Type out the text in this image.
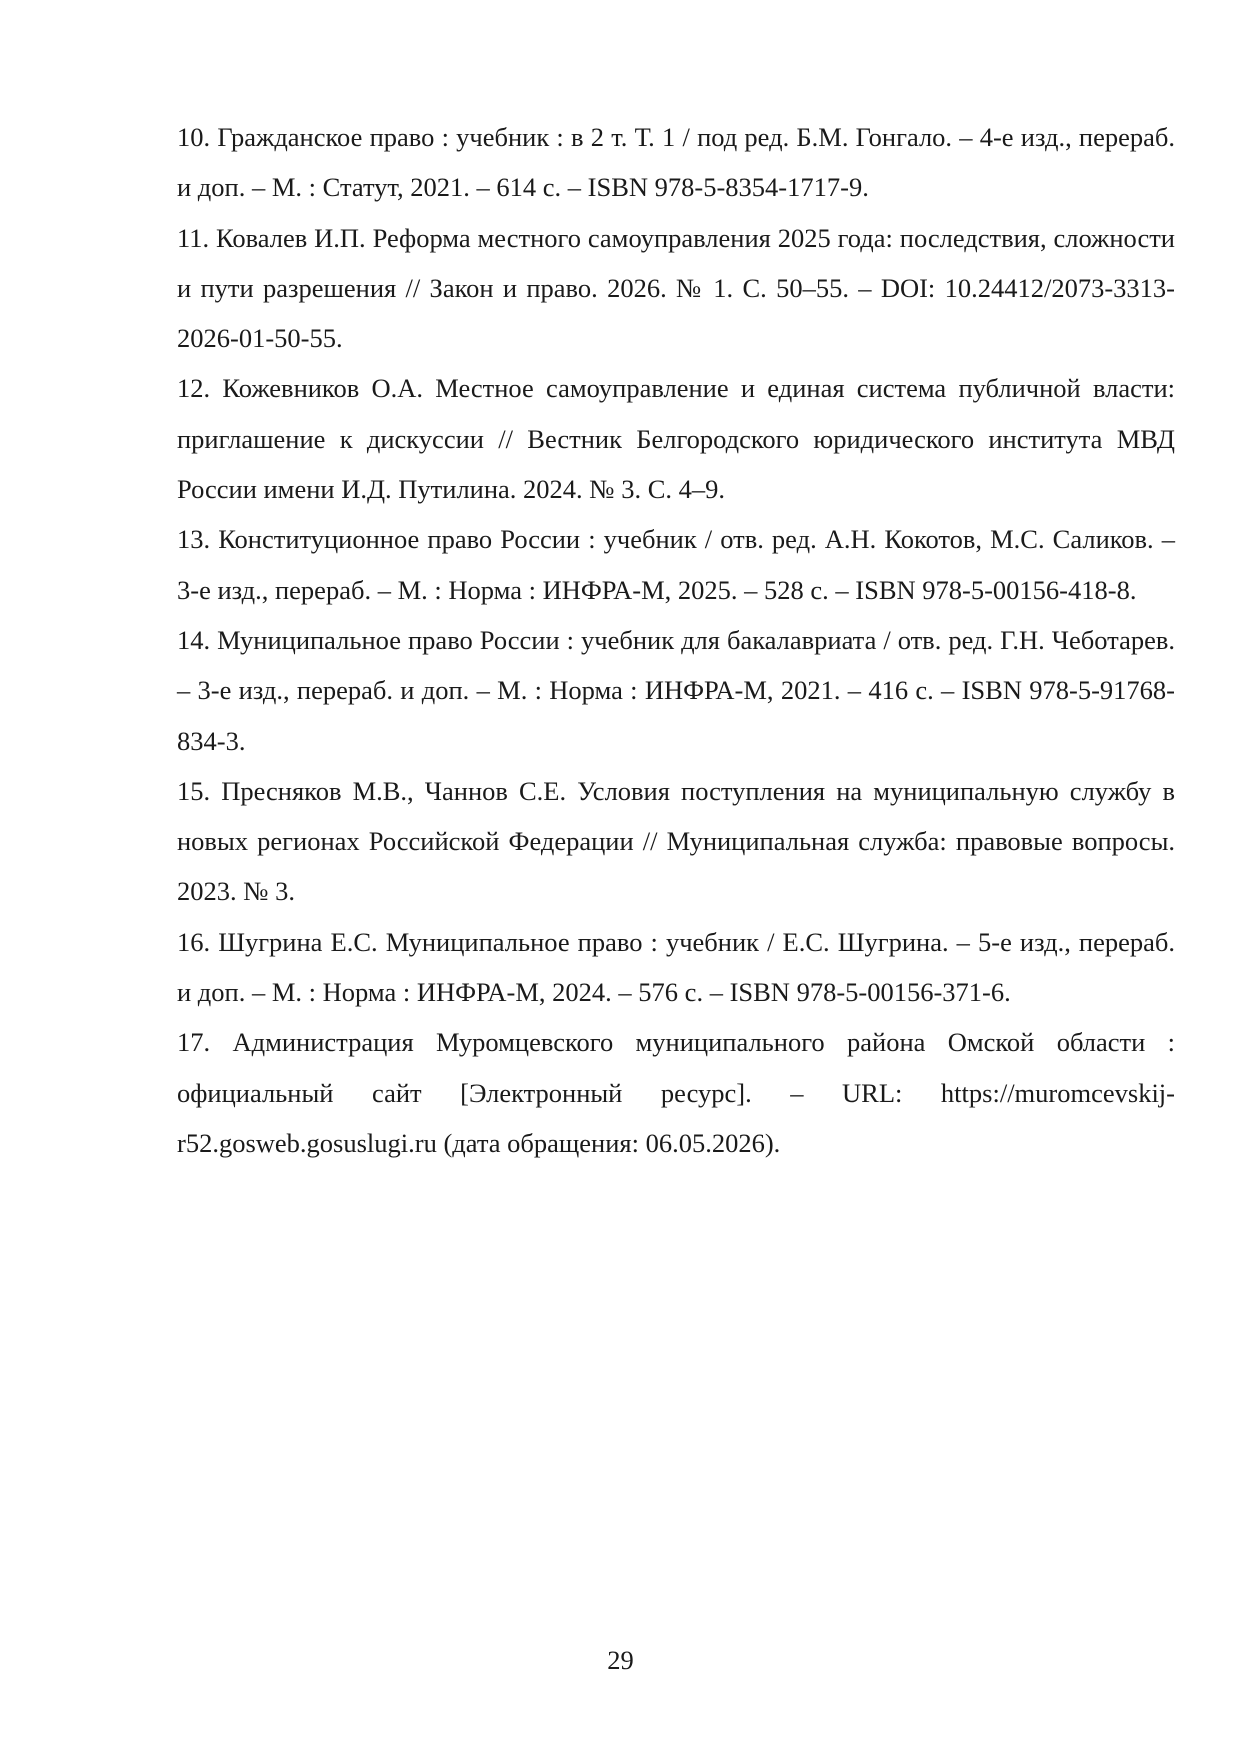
10. Гражданское право : учебник : в 2 т. Т. 1 / под ред. Б.М. Гонгало. – 4-е изд., перераб. и доп. – М. : Статут, 2021. – 614 с. – ISBN 978-5-8354-1717-9.
11. Ковалев И.П. Реформа местного самоуправления 2025 года: последствия, сложности и пути разрешения // Закон и право. 2026. № 1. С. 50–55. – DOI: 10.24412/2073-3313-2026-01-50-55.
12. Кожевников О.А. Местное самоуправление и единая система публичной власти: приглашение к дискуссии // Вестник Белгородского юридического института МВД России имени И.Д. Путилина. 2024. № 3. С. 4–9.
13. Конституционное право России : учебник / отв. ред. А.Н. Кокотов, М.С. Саликов. – 3-е изд., перераб. – М. : Норма : ИНФРА-М, 2025. – 528 с. – ISBN 978-5-00156-418-8.
14. Муниципальное право России : учебник для бакалавриата / отв. ред. Г.Н. Чеботарев. – 3-е изд., перераб. и доп. – М. : Норма : ИНФРА-М, 2021. – 416 с. – ISBN 978-5-91768-834-3.
15. Пресняков М.В., Чаннов С.Е. Условия поступления на муниципальную службу в новых регионах Российской Федерации // Муниципальная служба: правовые вопросы. 2023. № 3.
16. Шугрина Е.С. Муниципальное право : учебник / Е.С. Шугрина. – 5-е изд., перераб. и доп. – М. : Норма : ИНФРА-М, 2024. – 576 с. – ISBN 978-5-00156-371-6.
17. Администрация Муромцевского муниципального района Омской области : официальный сайт [Электронный ресурс]. – URL: https://muromcevskij-r52.gosweb.gosuslugi.ru (дата обращения: 06.05.2026).
29
